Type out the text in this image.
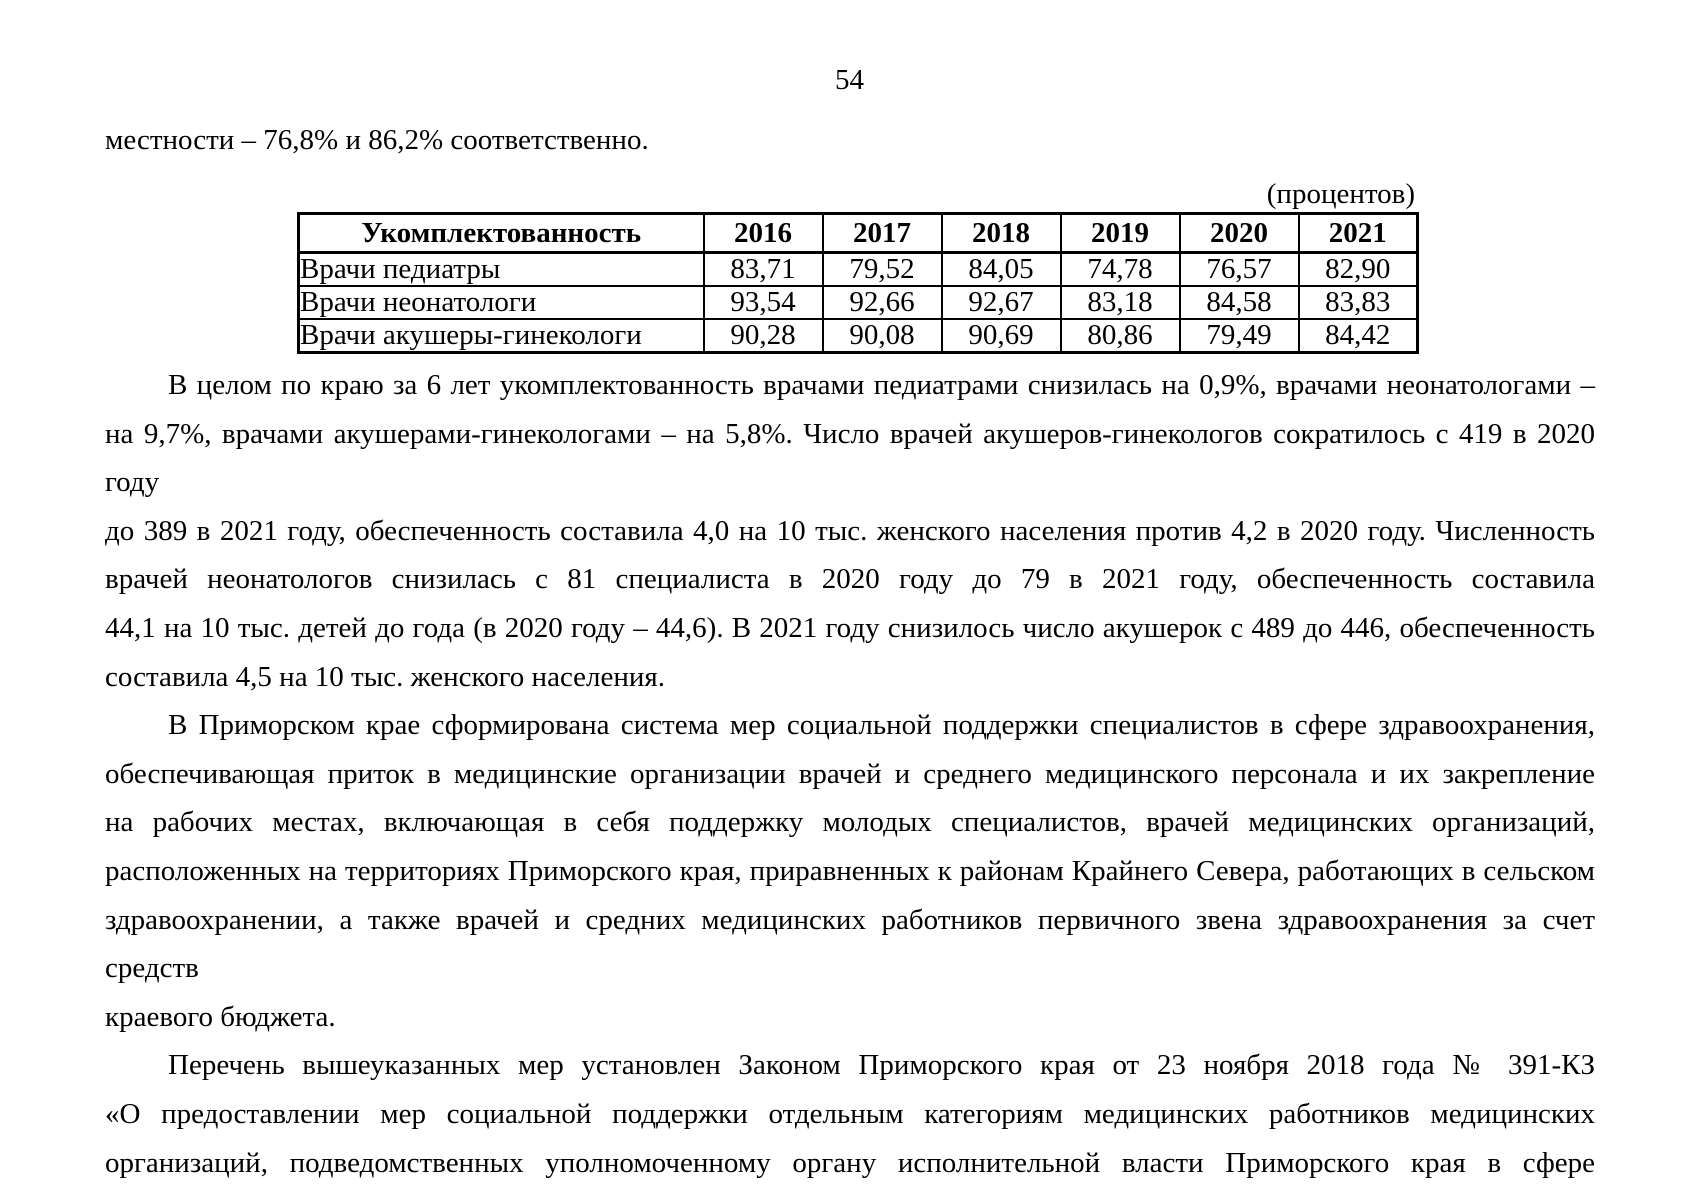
54
местности – 76,8% и 86,2% соответственно.
(процентов)
Укомплектованность	2016	2017	2018	2019	2020	2021
Врачи педиатры	83,71	79,52	84,05	74,78	76,57	82,90
Врачи неонатологи	93,54	92,66	92,67	83,18	84,58	83,83
Врачи акушеры-гинекологи	90,28	90,08	90,69	80,86	79,49	84,42
В целом по краю за 6 лет укомплектованность врачами педиатрами снизилась на 0,9%, врачами неонатологами –
на 9,7%, врачами акушерами-гинекологами – на 5,8%. Число врачей акушеров-гинекологов сократилось с 419 в 2020 году
до 389 в 2021 году, обеспеченность составила 4,0 на 10 тыс. женского населения против 4,2 в 2020 году. Численность
врачей неонатологов снизилась с 81 специалиста в 2020 году до 79 в 2021 году, обеспеченность составила
44,1 на 10 тыс. детей до года (в 2020 году – 44,6). В 2021 году снизилось число акушерок с 489 до 446, обеспеченность
составила 4,5 на 10 тыс. женского населения.
В Приморском крае сформирована система мер социальной поддержки специалистов в сфере здравоохранения,
обеспечивающая приток в медицинские организации врачей и среднего медицинского персонала и их закрепление
на рабочих местах, включающая в себя поддержку молодых специалистов, врачей медицинских организаций,
расположенных на территориях Приморского края, приравненных к районам Крайнего Севера, работающих в сельском
здравоохранении, а также врачей и средних медицинских работников первичного звена здравоохранения за счет средств
краевого бюджета.
Перечень вышеуказанных мер установлен Законом Приморского края от 23 ноября 2018 года № 391-КЗ
«О предоставлении мер социальной поддержки отдельным категориям медицинских работников медицинских
организаций, подведомственных уполномоченному органу исполнительной власти Приморского края в сфере
